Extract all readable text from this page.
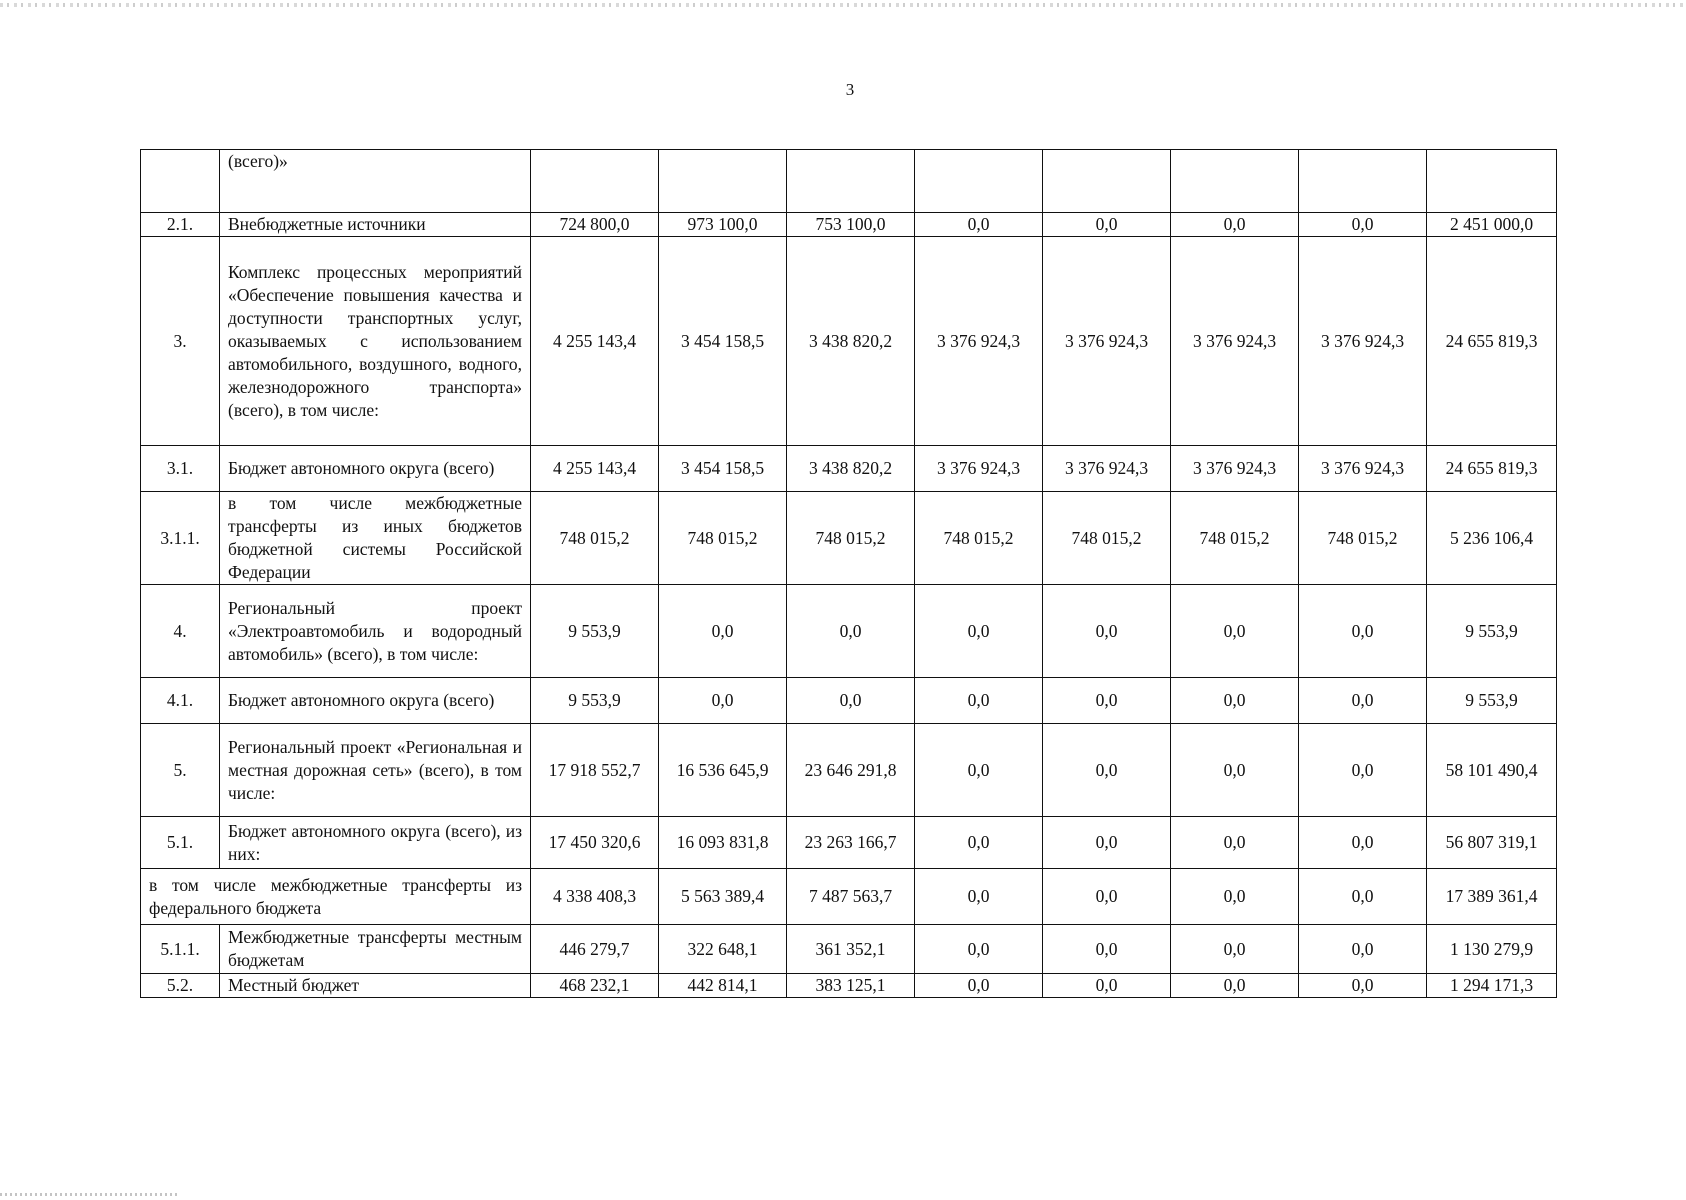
3
	(всего)»								
2.1.	Внебюджетные источники	724 800,0	973 100,0	753 100,0	0,0	0,0	0,0	0,0	2 451 000,0
3.	Комплекс процессных мероприятий «Обеспечение повышения качества и доступности транспортных услуг, оказываемых с использованием автомобильного, воздушного, водного, железнодорожного транспорта» (всего), в том числе:	4 255 143,4	3 454 158,5	3 438 820,2	3 376 924,3	3 376 924,3	3 376 924,3	3 376 924,3	24 655 819,3
3.1.	Бюджет автономного округа (всего)	4 255 143,4	3 454 158,5	3 438 820,2	3 376 924,3	3 376 924,3	3 376 924,3	3 376 924,3	24 655 819,3
3.1.1.	в том числе межбюджетные трансферты из иных бюджетов бюджетной системы Российской Федерации	748 015,2	748 015,2	748 015,2	748 015,2	748 015,2	748 015,2	748 015,2	5 236 106,4
4.	Региональный проект «Электроавтомобиль и водородный автомобиль» (всего), в том числе:	9 553,9	0,0	0,0	0,0	0,0	0,0	0,0	9 553,9
4.1.	Бюджет автономного округа (всего)	9 553,9	0,0	0,0	0,0	0,0	0,0	0,0	9 553,9
5.	Региональный проект «Региональная и местная дорожная сеть» (всего), в том числе:	17 918 552,7	16 536 645,9	23 646 291,8	0,0	0,0	0,0	0,0	58 101 490,4
5.1.	Бюджет автономного округа (всего), из них:	17 450 320,6	16 093 831,8	23 263 166,7	0,0	0,0	0,0	0,0	56 807 319,1
в том числе межбюджетные трансферты из федерального бюджета		4 338 408,3	5 563 389,4	7 487 563,7	0,0	0,0	0,0	0,0	17 389 361,4
5.1.1.	Межбюджетные трансферты местным бюджетам	446 279,7	322 648,1	361 352,1	0,0	0,0	0,0	0,0	1 130 279,9
5.2.	Местный бюджет	468 232,1	442 814,1	383 125,1	0,0	0,0	0,0	0,0	1 294 171,3
